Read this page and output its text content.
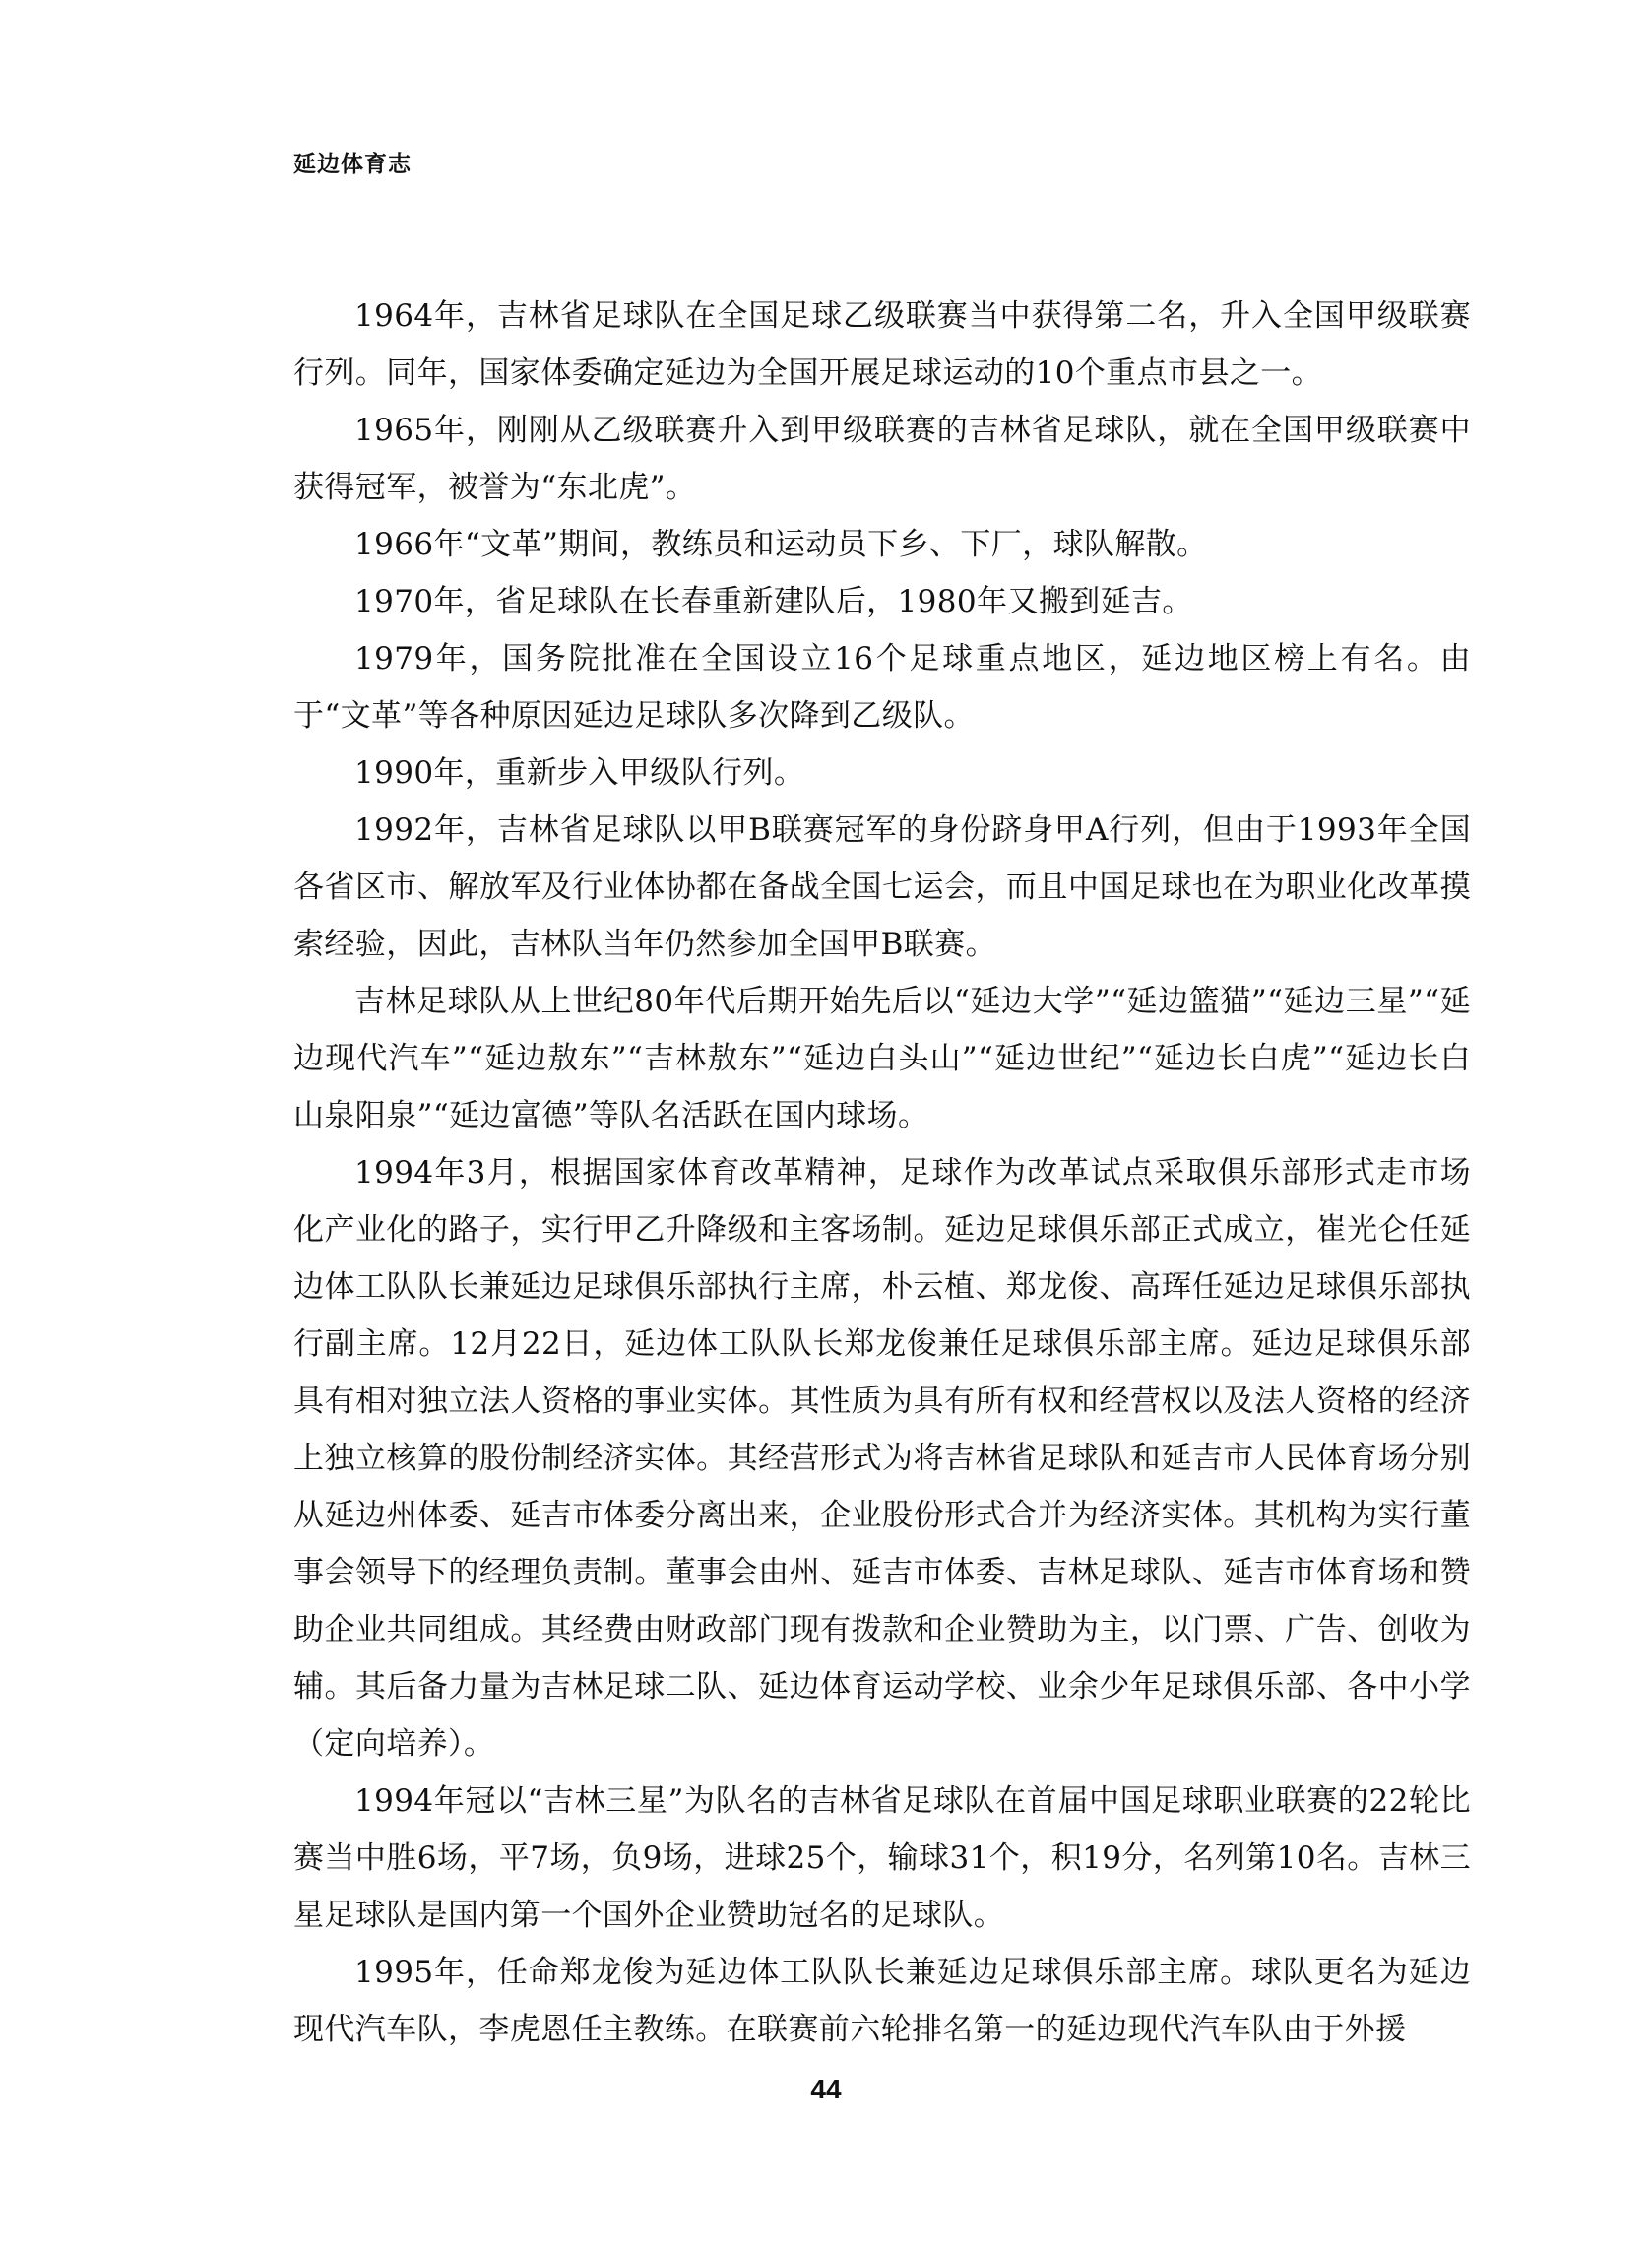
延边体育志

1964年，吉林省足球队在全国足球乙级联赛当中获得第二名，升入全国甲级联赛行列。同年，国家体委确定延边为全国开展足球运动的10个重点市县之一。

1965年，刚刚从乙级联赛升入到甲级联赛的吉林省足球队，就在全国甲级联赛中获得冠军，被誉为“东北虎”。

1966年“文革”期间，教练员和运动员下乡、下厂，球队解散。

1970年，省足球队在长春重新建队后，1980年又搬到延吉。

1979年，国务院批准在全国设立16个足球重点地区，延边地区榜上有名。由于“文革”等各种原因延边足球队多次降到乙级队。

1990年，重新步入甲级队行列。

1992年，吉林省足球队以甲B联赛冠军的身份跻身甲A行列，但由于1993年全国各省区市、解放军及行业体协都在备战全国七运会，而且中国足球也在为职业化改革摸索经验，因此，吉林队当年仍然参加全国甲B联赛。

吉林足球队从上世纪80年代后期开始先后以“延边大学”“延边篮猫”“延边三星”“延边现代汽车”“延边敖东”“吉林敖东”“延边白头山”“延边世纪”“延边长白虎”“延边长白山泉阳泉”“延边富德”等队名活跃在国内球场。

1994年3月，根据国家体育改革精神，足球作为改革试点采取俱乐部形式走市场化产业化的路子，实行甲乙升降级和主客场制。延边足球俱乐部正式成立，崔光仑任延边体工队队长兼延边足球俱乐部执行主席，朴云植、郑龙俊、高珲任延边足球俱乐部执行副主席。12月22日，延边体工队队长郑龙俊兼任足球俱乐部主席。延边足球俱乐部具有相对独立法人资格的事业实体。其性质为具有所有权和经营权以及法人资格的经济上独立核算的股份制经济实体。其经营形式为将吉林省足球队和延吉市人民体育场分别从延边州体委、延吉市体委分离出来，企业股份形式合并为经济实体。其机构为实行董事会领导下的经理负责制。董事会由州、延吉市体委、吉林足球队、延吉市体育场和赞助企业共同组成。其经费由财政部门现有拨款和企业赞助为主，以门票、广告、创收为辅。其后备力量为吉林足球二队、延边体育运动学校、业余少年足球俱乐部、各中小学（定向培养）。

1994年冠以“吉林三星”为队名的吉林省足球队在首届中国足球职业联赛的22轮比赛当中胜6场，平7场，负9场，进球25个，输球31个，积19分，名列第10名。吉林三星足球队是国内第一个国外企业赞助冠名的足球队。

1995年，任命郑龙俊为延边体工队队长兼延边足球俱乐部主席。球队更名为延边现代汽车队，李虎恩任主教练。在联赛前六轮排名第一的延边现代汽车队由于外援

44
